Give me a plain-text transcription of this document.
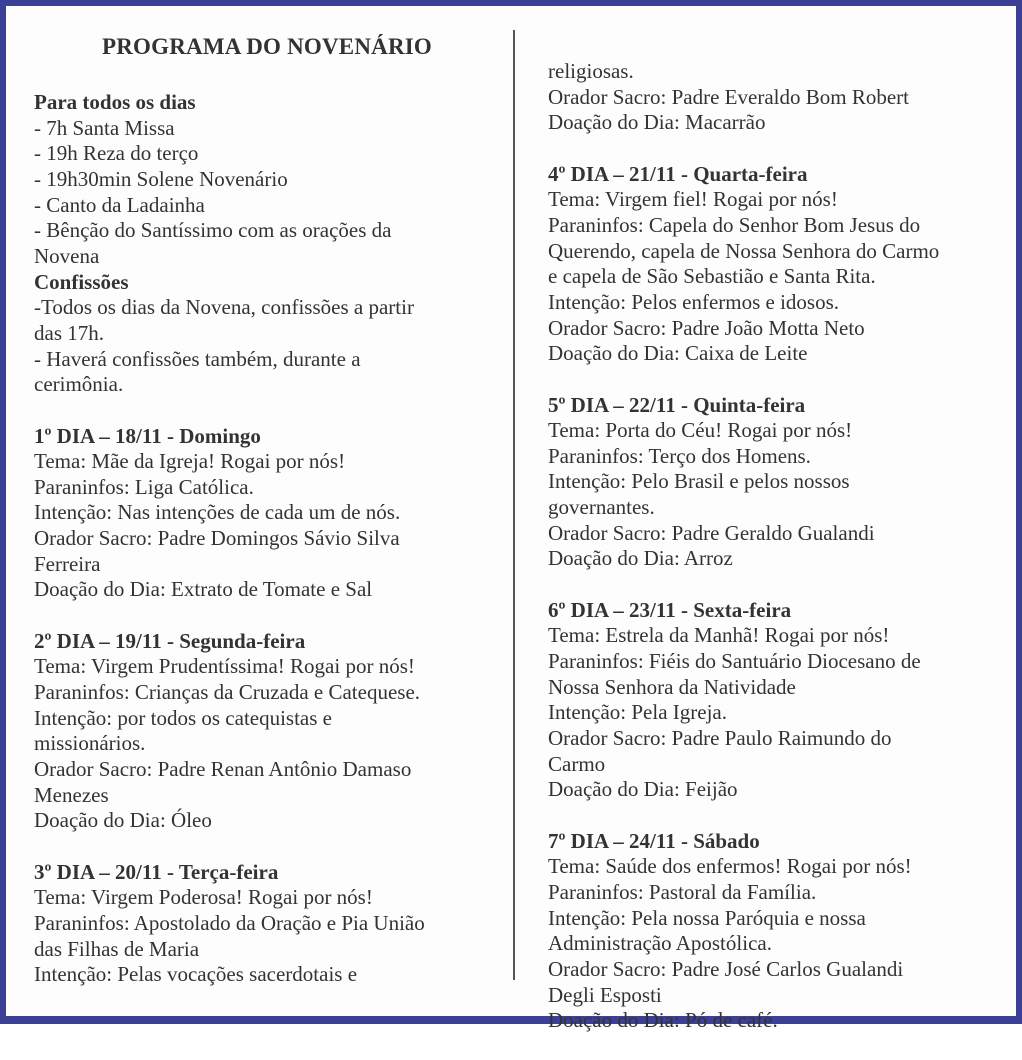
PROGRAMA DO NOVENÁRIO
Para todos os dias
- 7h Santa Missa
- 19h Reza do terço
- 19h30min Solene Novenário
- Canto da Ladainha
- Bênção do Santíssimo com as orações da
Novena
Confissões
-Todos os dias da Novena, confissões a partir
das 17h.
- Haverá confissões também, durante a
cerimônia.
1º DIA – 18/11 - Domingo
Tema: Mãe da Igreja! Rogai por nós!
Paraninfos: Liga Católica.
Intenção: Nas intenções de cada um de nós.
Orador Sacro: Padre Domingos Sávio Silva
Ferreira
Doação do Dia: Extrato de Tomate e Sal
2º DIA – 19/11 - Segunda-feira
Tema: Virgem Prudentíssima! Rogai por nós!
Paraninfos: Crianças da Cruzada e Catequese.
Intenção: por todos os catequistas e
missionários.
Orador Sacro: Padre Renan Antônio Damaso
Menezes
Doação do Dia: Óleo
3º DIA – 20/11 - Terça-feira
Tema: Virgem Poderosa! Rogai por nós!
Paraninfos: Apostolado da Oração e Pia União
das Filhas de Maria
Intenção: Pelas vocações sacerdotais e
religiosas.
Orador Sacro: Padre Everaldo Bom Robert
Doação do Dia: Macarrão
4º DIA – 21/11 - Quarta-feira
Tema: Virgem fiel! Rogai por nós!
Paraninfos: Capela do Senhor Bom Jesus do
Querendo, capela de Nossa Senhora do Carmo
e capela de São Sebastião e Santa Rita.
Intenção: Pelos enfermos e idosos.
Orador Sacro: Padre João Motta Neto
Doação do Dia: Caixa de Leite
5º DIA – 22/11 - Quinta-feira
Tema: Porta do Céu! Rogai por nós!
Paraninfos: Terço dos Homens.
Intenção: Pelo Brasil e pelos nossos
governantes.
Orador Sacro: Padre Geraldo Gualandi
Doação do Dia: Arroz
6º DIA – 23/11 - Sexta-feira
Tema: Estrela da Manhã! Rogai por nós!
Paraninfos: Fiéis do Santuário Diocesano de
Nossa Senhora da Natividade
Intenção: Pela Igreja.
Orador Sacro: Padre Paulo Raimundo do
Carmo
Doação do Dia: Feijão
7º DIA – 24/11 - Sábado
Tema: Saúde dos enfermos! Rogai por nós!
Paraninfos: Pastoral da Família.
Intenção: Pela nossa Paróquia e nossa
Administração Apostólica.
Orador Sacro: Padre José Carlos Gualandi
Degli Esposti
Doação do Dia: Pó de café.
